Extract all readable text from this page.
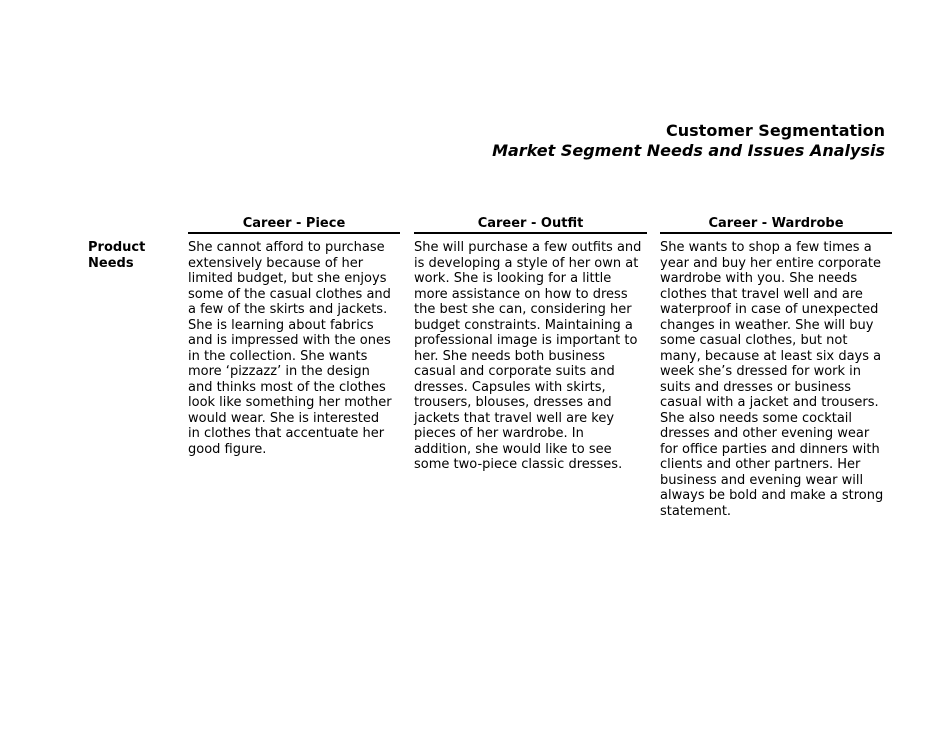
Customer Segmentation
Market Segment Needs and Issues Analysis
Career - Piece	Career - Outfit	Career - Wardrobe
Product
Needs

She cannot afford to purchase

extensively because of her

limited budget, but she enjoys

some of the casual clothes and

a few of the skirts and jackets.

She is learning about fabrics

and is impressed with the ones

in the collection. She wants

more ‘pizzazz’ in the design

and thinks most of the clothes

look like something her mother

would wear. She is interested

in clothes that accentuate her

good figure.

She will purchase a few outfits and

is developing a style of her own at

work. She is looking for a little

more assistance on how to dress

the best she can, considering her

budget constraints. Maintaining a

professional image is important to

her. She needs both business

casual and corporate suits and

dresses. Capsules with skirts,

trousers, blouses, dresses and

jackets that travel well are key

pieces of her wardrobe. In

addition, she would like to see

some two-piece classic dresses.

She wants to shop a few times a

year and buy her entire corporate

wardrobe with you. She needs

clothes that travel well and are

waterproof in case of unexpected

changes in weather. She will buy

some casual clothes, but not

many, because at least six days a

week she’s dressed for work in

suits and dresses or business

casual with a jacket and trousers.

She also needs some cocktail

dresses and other evening wear

for office parties and dinners with

clients and other partners. Her

business and evening wear will

always be bold and make a strong

statement.
